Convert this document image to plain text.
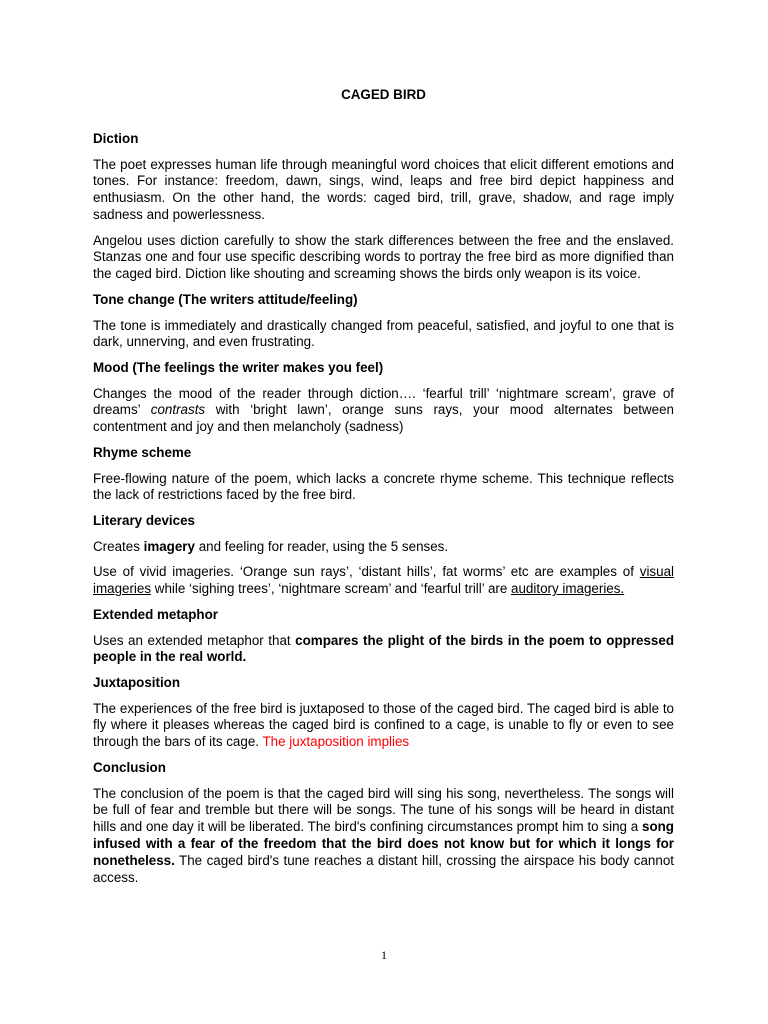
CAGED BIRD
Diction
The poet expresses human life through meaningful word choices that elicit different emotions and tones. For instance: freedom, dawn, sings, wind, leaps and free bird depict happiness and enthusiasm. On the other hand, the words: caged bird, trill, grave, shadow, and rage imply sadness and powerlessness.
Angelou uses diction carefully to show the stark differences between the free and the enslaved. Stanzas one and four use specific describing words to portray the free bird as more dignified than the caged bird. Diction like shouting and screaming shows the birds only weapon is its voice.
Tone change (The writers attitude/feeling)
The tone is immediately and drastically changed from peaceful, satisfied, and joyful to one that is dark, unnerving, and even frustrating.
Mood (The feelings the writer makes you feel)
Changes the mood of the reader through diction…. ‘fearful trill’ ‘nightmare scream’, grave of dreams’ contrasts with ‘bright lawn’, orange suns rays, your mood alternates between contentment and joy and then melancholy (sadness)
Rhyme scheme
Free-flowing nature of the poem, which lacks a concrete rhyme scheme. This technique reflects the lack of restrictions faced by the free bird.
Literary devices
Creates imagery and feeling for reader, using the 5 senses.
Use of vivid imageries. ‘Orange sun rays’, ‘distant hills’, fat worms’ etc are examples of visual imageries while ‘sighing trees’, ‘nightmare scream’ and ‘fearful trill’ are auditory imageries.
Extended metaphor
Uses an extended metaphor that compares the plight of the birds in the poem to oppressed people in the real world.
Juxtaposition
The experiences of the free bird is juxtaposed to those of the caged bird. The caged bird is able to fly where it pleases whereas the caged bird is confined to a cage, is unable to fly or even to see through the bars of its cage. The juxtaposition implies
Conclusion
The conclusion of the poem is that the caged bird will sing his song, nevertheless. The songs will be full of fear and tremble but there will be songs. The tune of his songs will be heard in distant hills and one day it will be liberated. The bird's confining circumstances prompt him to sing a song infused with a fear of the freedom that the bird does not know but for which it longs for nonetheless. The caged bird's tune reaches a distant hill, crossing the airspace his body cannot access.
1
